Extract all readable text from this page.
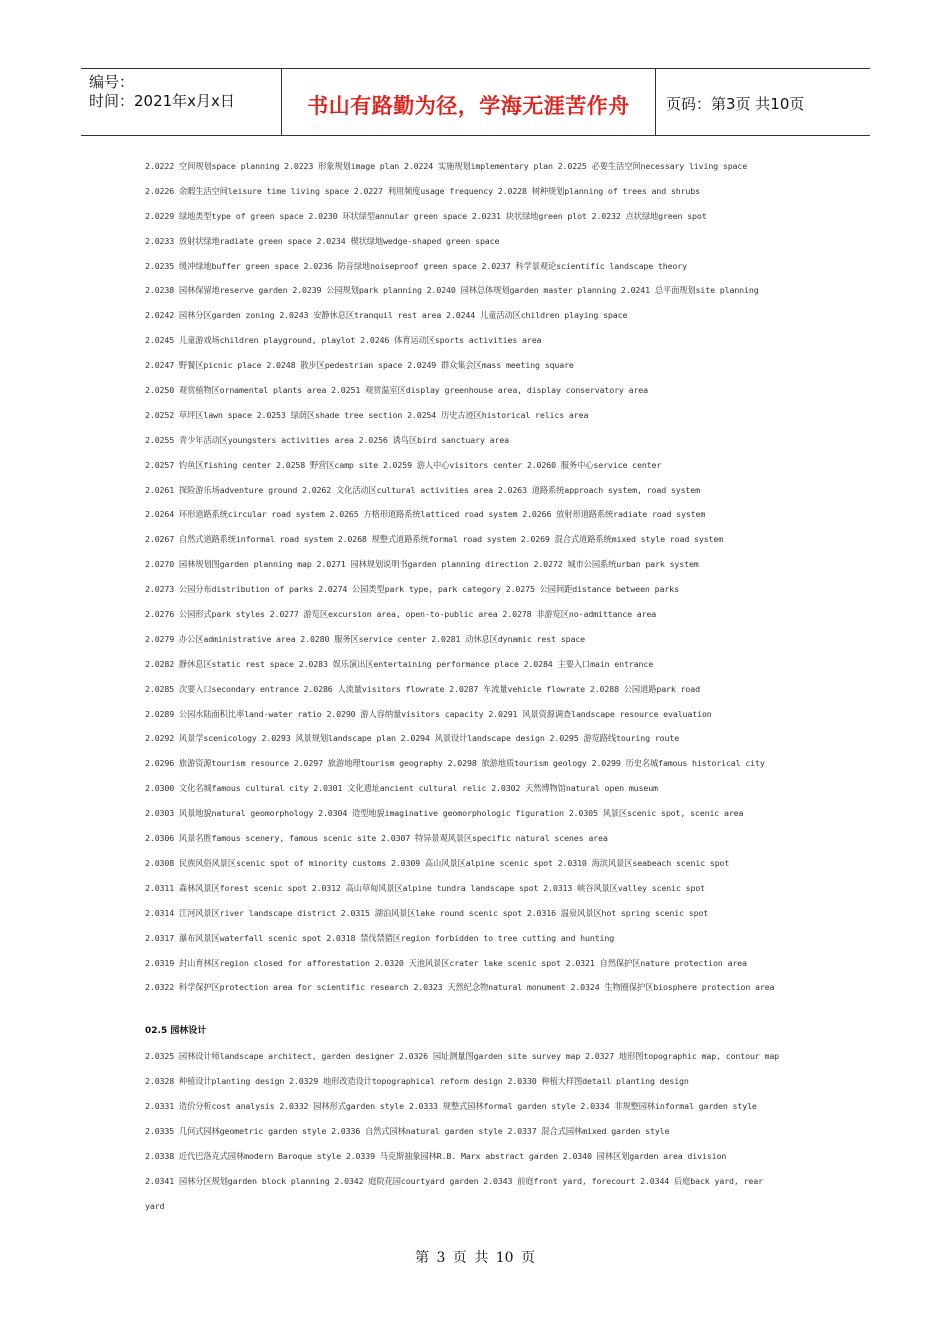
编号：
时间：2021年x月x日	书山有路勤为径，学海无涯苦作舟	页码：第3页 共10页
2.0222 空间规划space planning 2.0223 形象规划image plan 2.0224 实施规划implementary plan 2.0225 必要生活空间necessary living space
2.0226 余暇生活空间leisure time living space 2.0227 利用频度usage frequency 2.0228 树种规划planning of trees and shrubs
2.0229 绿地类型type of green space 2.0230 环状绿型annular green space 2.0231 块状绿地green plot 2.0232 点状绿地green spot
2.0233 放射状绿地radiate green space 2.0234 楔状绿地wedge-shaped green space
2.0235 缓冲绿地buffer green space 2.0236 防音绿地noiseproof green space 2.0237 科学景观论scientific landscape theory
2.0238 园林保留地reserve garden 2.0239 公园规划park planning 2.0240 园林总体规划garden master planning 2.0241 总平面规划site planning
2.0242 园林分区garden zoning 2.0243 安静休息区tranquil rest area 2.0244 儿童活动区children playing space
2.0245 儿童游戏场children playground, playlot 2.0246 体育运动区sports activities area
2.0247 野餐区picnic place 2.0248 散步区pedestrian space 2.0249 群众集会区mass meeting square
2.0250 观赏植物区ornamental plants area 2.0251 观赏温室区display greenhouse area, display conservatory area
2.0252 草坪区lawn space 2.0253 绿荫区shade tree section 2.0254 历史古迹区historical relics area
2.0255 青少年活动区youngsters activities area 2.0256 诱鸟区bird sanctuary area
2.0257 钓鱼区fishing center 2.0258 野营区camp site 2.0259 游人中心visitors center 2.0260 服务中心service center
2.0261 探险游乐场adventure ground 2.0262 文化活动区cultural activities area 2.0263 道路系统approach system, road system
2.0264 环形道路系统circular road system 2.0265 方格形道路系统latticed road system 2.0266 放射形道路系统radiate road system
2.0267 自然式道路系统informal road system 2.0268 规整式道路系统formal road system 2.0269 混合式道路系统mixed style road system
2.0270 园林规划图garden planning map 2.0271 园林规划说明书garden planning direction 2.0272 城市公园系统urban park system
2.0273 公园分布distribution of parks 2.0274 公园类型park type, park category 2.0275 公园间距distance between parks
2.0276 公园形式park styles 2.0277 游览区excursion area, open-to-public area 2.0278 非游览区no-admittance area
2.0279 办公区administrative area 2.0280 服务区service center 2.0281 动休息区dynamic rest space
2.0282 静休息区static rest space 2.0283 娱乐演出区entertaining performance place 2.0284 主要入口main entrance
2.0285 次要入口secondary entrance 2.0286 人流量visitors flowrate 2.0287 车流量vehicle flowrate 2.0288 公园道路park road
2.0289 公园水陆面积比率land-water ratio 2.0290 游人容纳量visitors capacity 2.0291 风景资源调查landscape resource evaluation
2.0292 风景学scenicology 2.0293 风景规划landscape plan 2.0294 风景设计landscape design 2.0295 游览路线touring route
2.0296 旅游资源tourism resource 2.0297 旅游地理tourism geography 2.0298 旅游地质tourism geology 2.0299 历史名城famous historical city
2.0300 文化名城famous cultural city 2.0301 文化遗址ancient cultural relic 2.0302 天然博物馆natural open museum
2.0303 风景地貌natural geomorphology 2.0304 造型地貌imaginative geomorphologic figuration 2.0305 风景区scenic spot, scenic area
2.0306 风景名胜famous scenery, famous scenic site 2.0307 特异景观风景区specific natural scenes area
2.0308 民族风俗风景区scenic spot of minority customs 2.0309 高山风景区alpine scenic spot 2.0310 海滨风景区seabeach scenic spot
2.0311 森林风景区forest scenic spot 2.0312 高山草甸风景区alpine tundra landscape spot 2.0313 峡谷风景区valley scenic spot
2.0314 江河风景区river landscape district 2.0315 湖泊风景区lake round scenic spot 2.0316 温泉风景区hot spring scenic spot
2.0317 瀑布风景区waterfall scenic spot 2.0318 禁伐禁猎区region forbidden to tree cutting and hunting
2.0319 封山育林区region closed for afforestation 2.0320 天池风景区crater lake scenic spot 2.0321 自然保护区nature protection area
2.0322 科学保护区protection area for scientific research 2.0323 天然纪念物natural monument 2.0324 生物圈保护区biosphere protection area
02.5 园林设计
2.0325 园林设计师landscape architect, garden designer 2.0326 园址测量图garden site survey map 2.0327 地形图topographic map, contour map
2.0328 种植设计planting design 2.0329 地形改造设计topographical reform design 2.0330 种植大样图detail planting design
2.0331 造价分析cost analysis 2.0332 园林形式garden style 2.0333 规整式园林formal garden style 2.0334 非规整园林informal garden style
2.0335 几何式园林geometric garden style 2.0336 自然式园林natural garden style 2.0337 混合式园林mixed garden style
2.0338 近代巴洛克式园林modern Baroque style 2.0339 马克斯抽象园林R.B. Marx abstract garden 2.0340 园林区划garden area division
2.0341 园林分区规划garden block planning 2.0342 庭院花园courtyard garden 2.0343 前庭front yard, forecourt 2.0344 后庭back yard, rear
yard
第 3 页 共 10 页
